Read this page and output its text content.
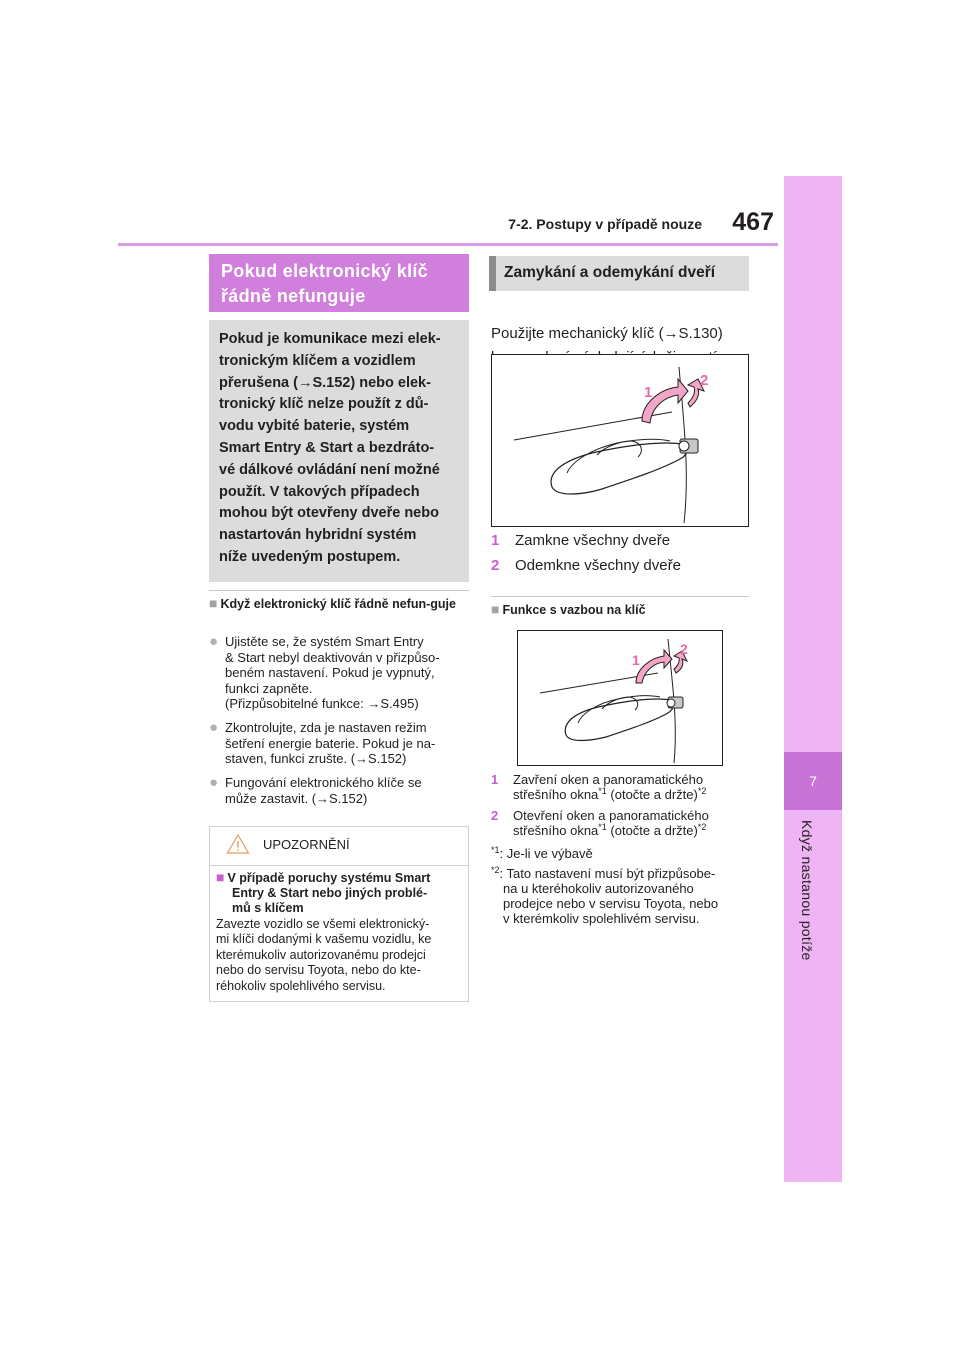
7-2. Postupy v případě nouze	467
7
Když nastanou potíže
Pokud elektronický klíč
řádně nefunguje
Pokud je komunikace mezi elek-
tronickým klíčem a vozidlem
přerušena (→S.152) nebo elek-
tronický klíč nelze použít z dů-
vodu vybité baterie, systém
Smart Entry & Start a bezdráto-
vé dálkové ovládání není možné
použít. V takových případech
mohou být otevřeny dveře nebo
nastartován hybridní systém
níže uvedeným postupem.
■ Když elektronický klíč řádně nefun-guje
● Ujistěte se, že systém Smart Entry
& Start nebyl deaktivován v přizpůso-
beném nastavení. Pokud je vypnutý,
funkci zapněte.
(Přizpůsobitelné funkce: →S.495)
● Zkontrolujte, zda je nastaven režim
šetření energie baterie. Pokud je na-
staven, funkci zrušte. (→S.152)
● Fungování elektronického klíče se
může zastavit. (→S.152)
UPOZORNĚNÍ
■ V případě poruchy systému Smart
Entry & Start nebo jiných problé-
mů s klíčem
Zavezte vozidlo se všemi elektronický-
mi klíči dodanými k vašemu vozidlu, ke
kterémukoliv autorizovanému prodejci
nebo do servisu Toyota, nebo do kte-
réhokoliv spolehlivého servisu.
Zamykání a odemykání dveří
Použijte mechanický klíč (→S.130)
1
2
1	Zamkne všechny dveře
2	Odemkne všechny dveře
■ Funkce s vazbou na klíč
1
2
1	Zavření oken a panoramatického
střešního okna$^{*1}$ (otočte a držte)$^{*2}$
2	Otevření oken a panoramatického
střešního okna$^{*1}$ (otočte a držte)$^{*2}$
$^{*1}$: Je-li ve výbavě
$^{*2}$: Tato nastavení musí být přizpůsobe-
na u kteréhokoliv autorizovaného
prodejce nebo v servisu Toyota, nebo
v kterémkoliv spolehlivém servisu.
